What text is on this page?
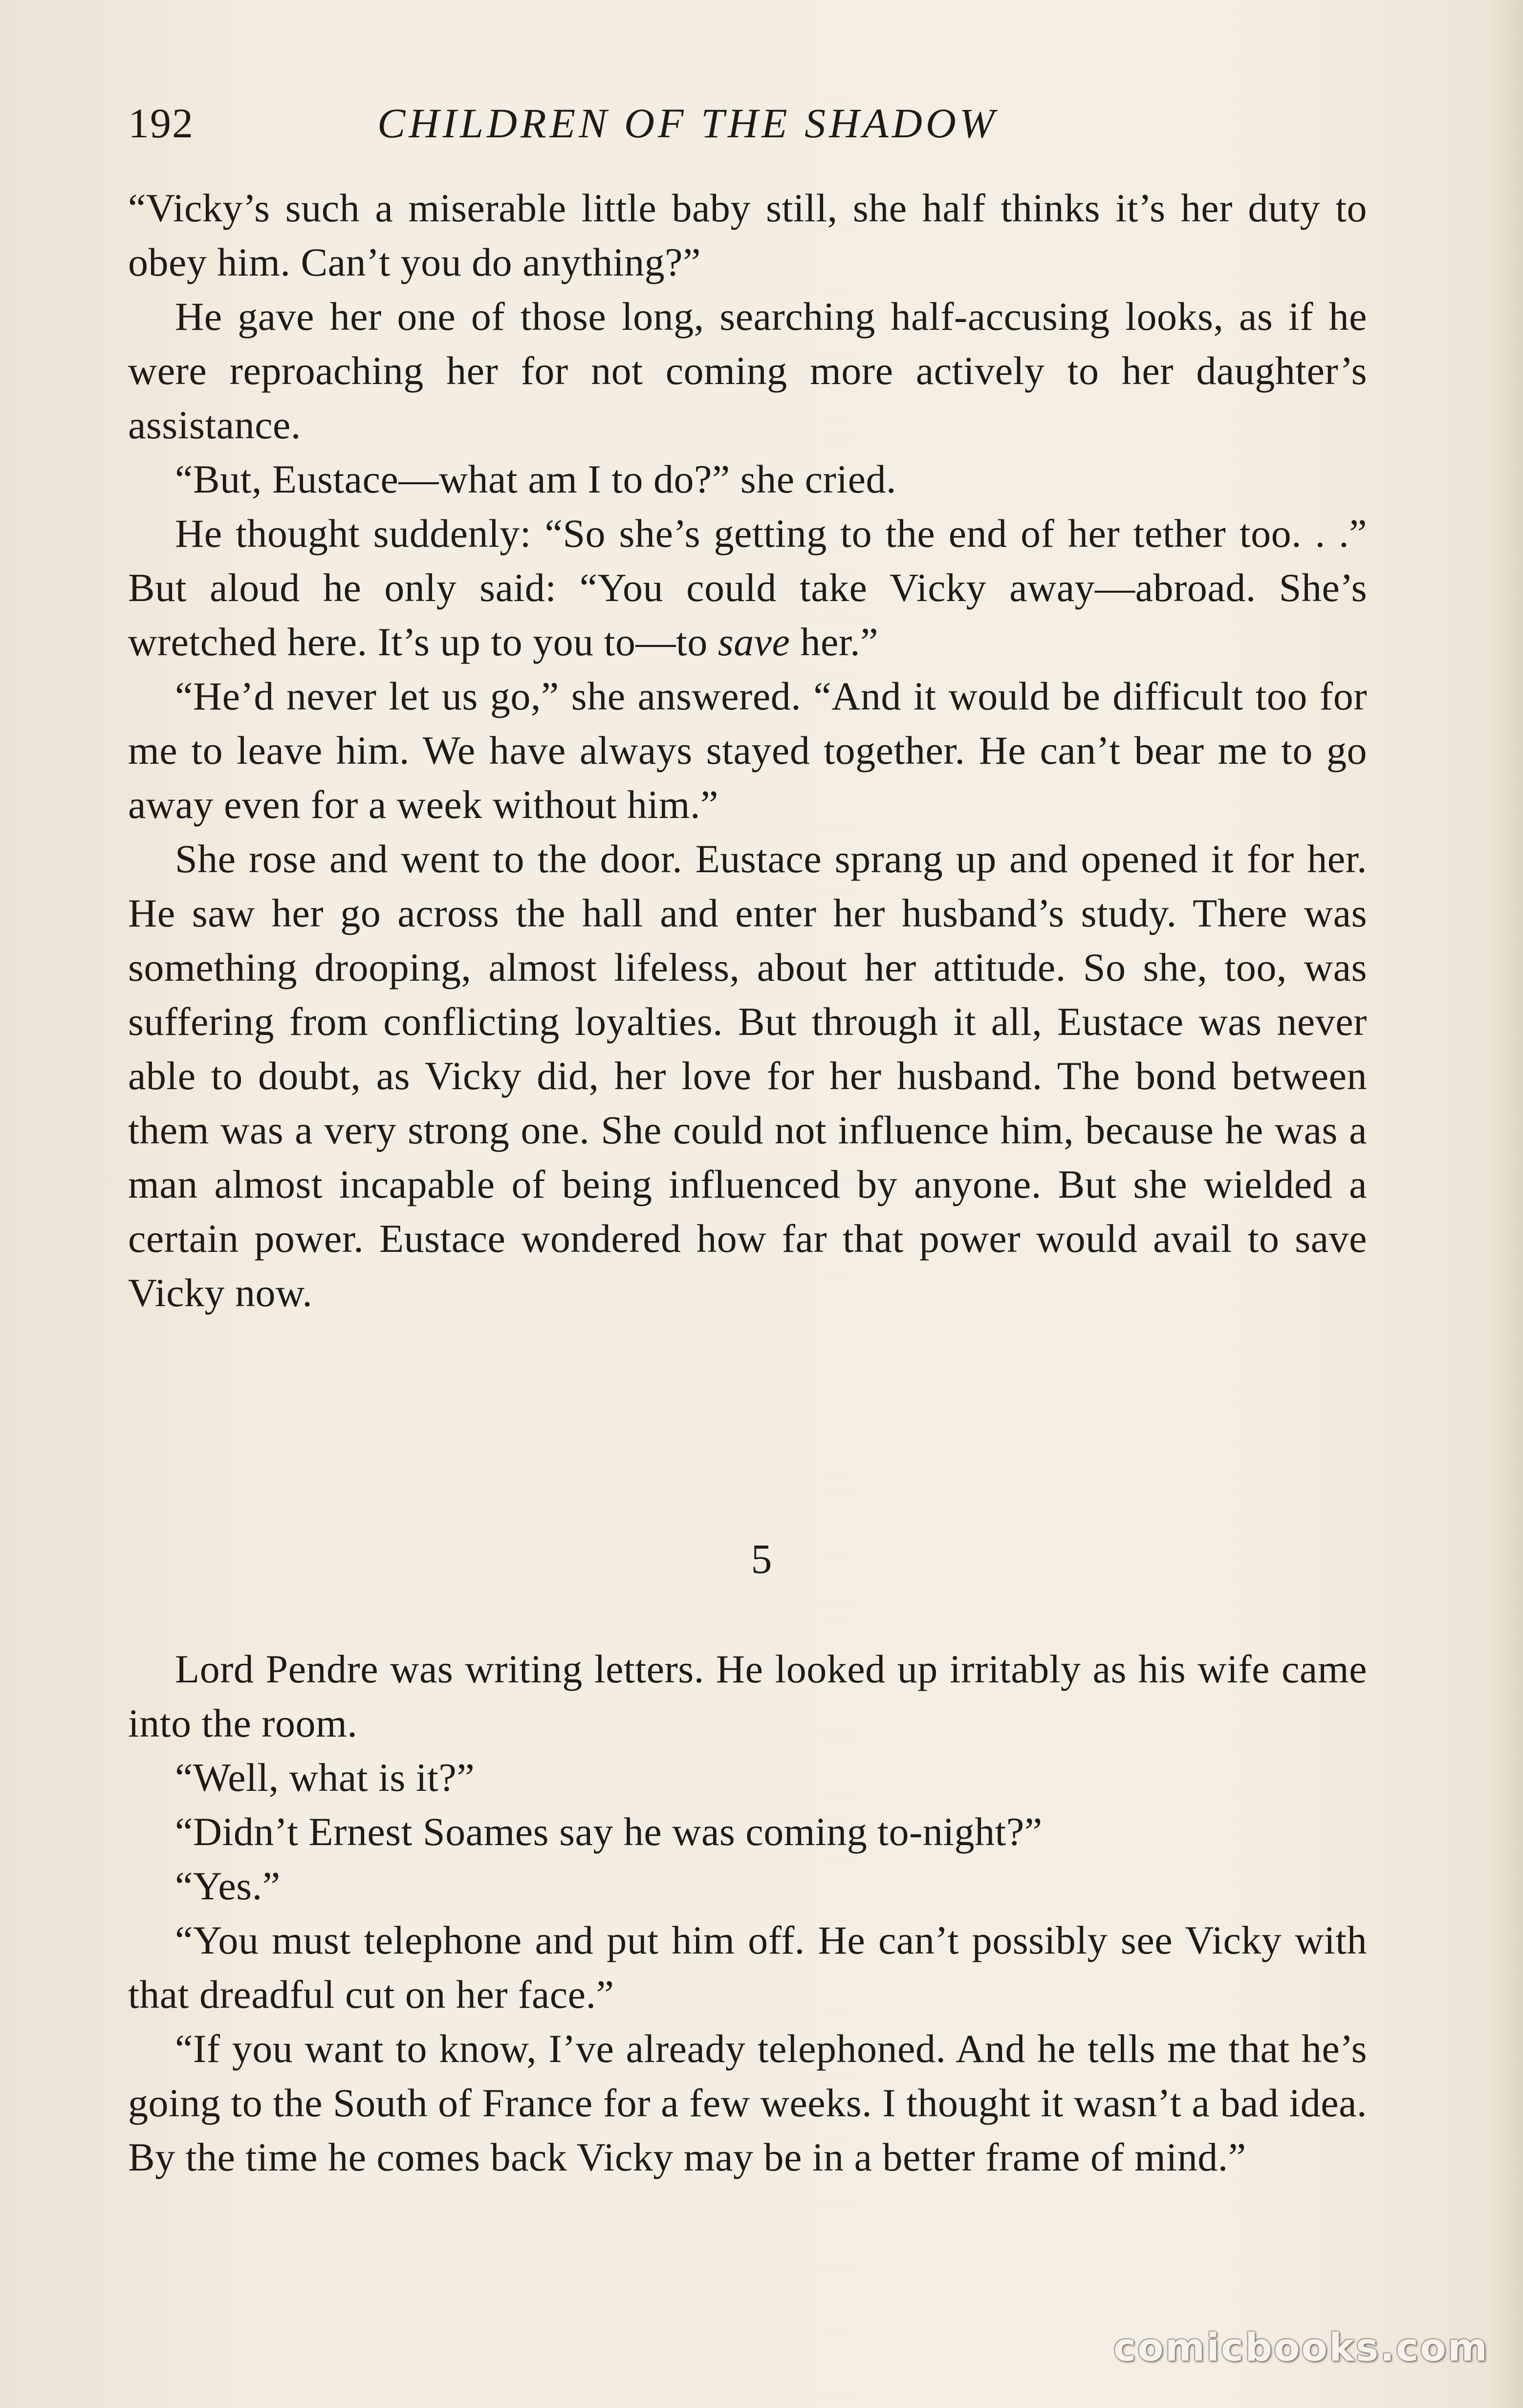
192	CHILDREN OF THE SHADOW

“Vicky’s such a miserable little baby still, she half thinks it’s her duty to obey him. Can’t you do anything?”

He gave her one of those long, searching half-accusing looks, as if he were reproaching her for not coming more actively to her daughter’s assistance.

“But, Eustace—what am I to do?” she cried.

He thought suddenly: “So she’s getting to the end of her tether too. . .” But aloud he only said: “You could take Vicky away—abroad. She’s wretched here. It’s up to you to—to save her.”

“He’d never let us go,” she answered. “And it would be difficult too for me to leave him. We have always stayed together. He can’t bear me to go away even for a week without him.”

She rose and went to the door. Eustace sprang up and opened it for her. He saw her go across the hall and enter her husband’s study. There was something drooping, almost lifeless, about her attitude. So she, too, was suffering from conflicting loyalties. But through it all, Eustace was never able to doubt, as Vicky did, her love for her husband. The bond between them was a very strong one. She could not influence him, because he was a man almost incapable of being influenced by anyone. But she wielded a certain power. Eustace wondered how far that power would avail to save Vicky now.

5

Lord Pendre was writing letters. He looked up irritably as his wife came into the room.

“Well, what is it?”

“Didn’t Ernest Soames say he was coming to-night?”

“Yes.”

“You must telephone and put him off. He can’t possibly see Vicky with that dreadful cut on her face.”

“If you want to know, I’ve already telephoned. And he tells me that he’s going to the South of France for a few weeks. I thought it wasn’t a bad idea. By the time he comes back Vicky may be in a better frame of mind.”

comicbooks.com
